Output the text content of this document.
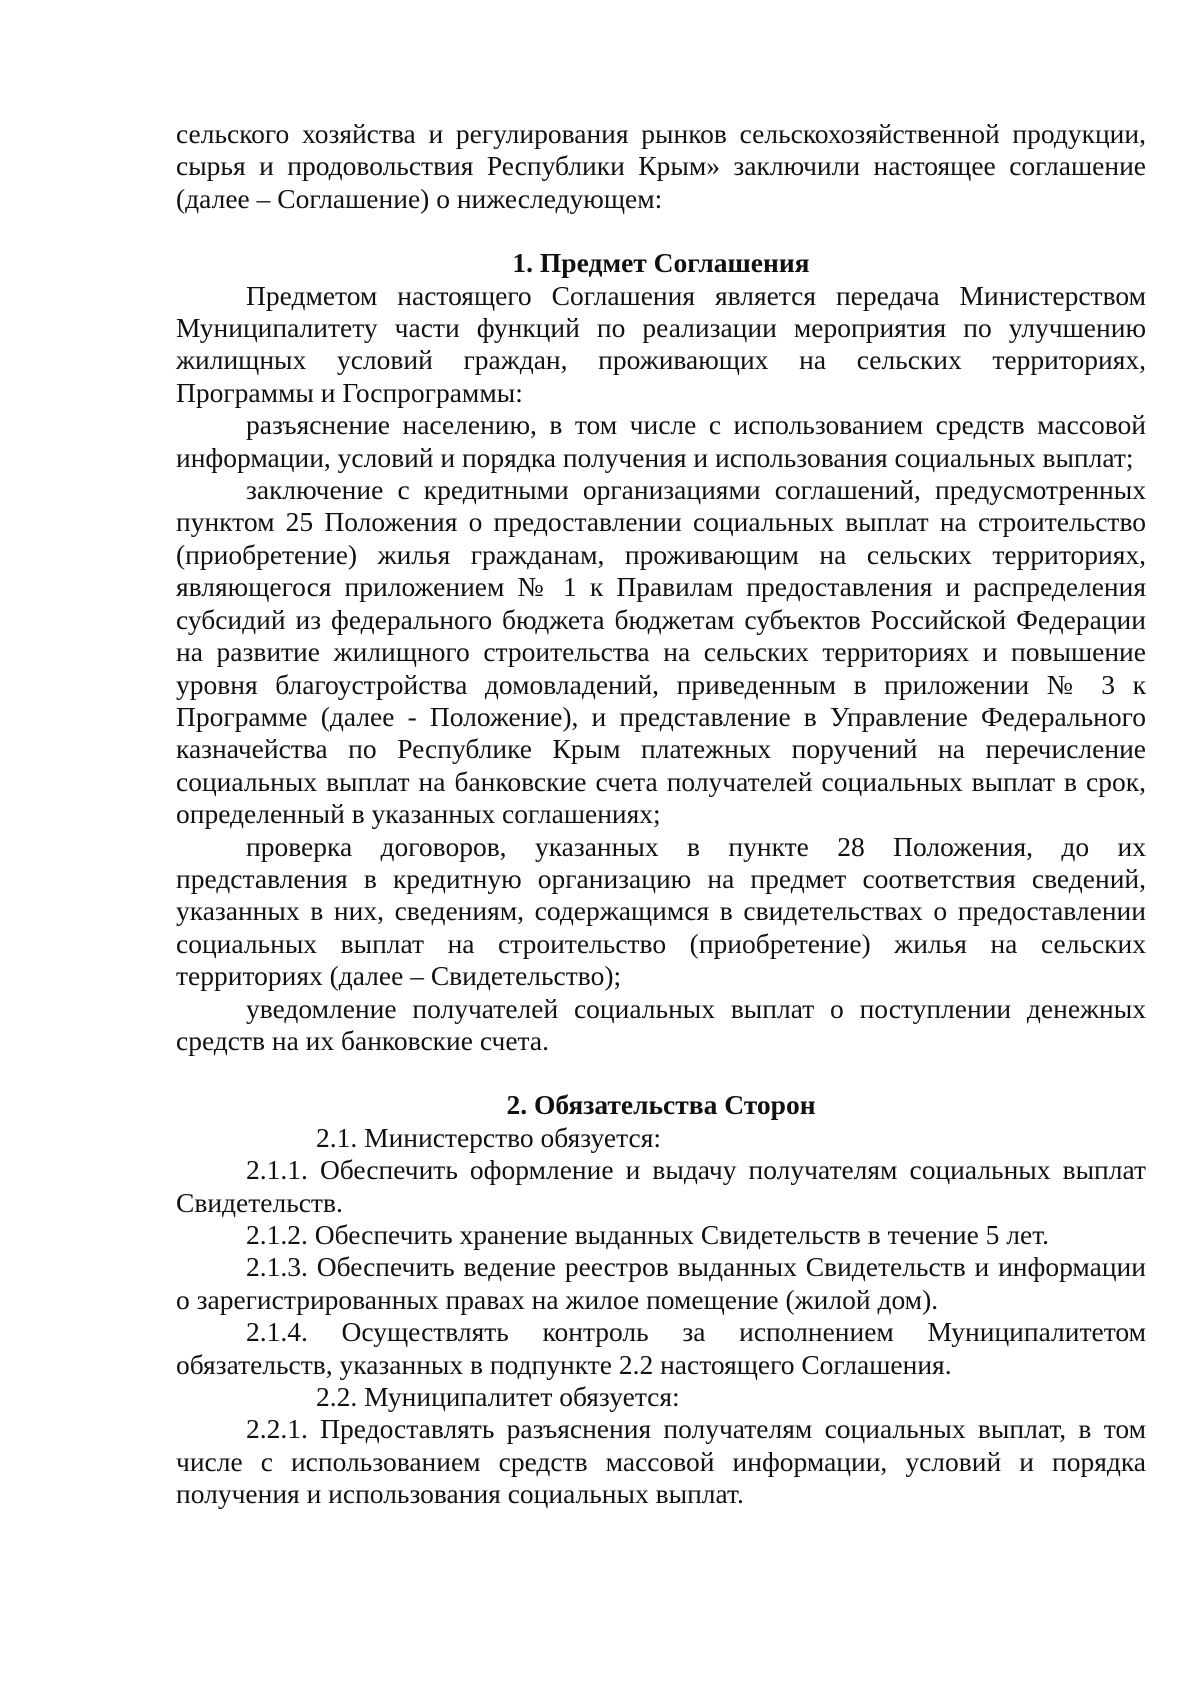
сельского хозяйства и регулирования рынков сельскохозяйственной продукции, сырья и продовольствия Республики Крым» заключили настоящее соглашение (далее – Соглашение) о нижеследующем:

1. Предмет Соглашения

Предметом настоящего Соглашения является передача Министерством Муниципалитету части функций по реализации мероприятия по улучшению жилищных условий граждан, проживающих на сельских территориях, Программы и Госпрограммы:

разъяснение населению, в том числе с использованием средств массовой информации, условий и порядка получения и использования социальных выплат;

заключение с кредитными организациями соглашений, предусмотренных пунктом 25 Положения о предоставлении социальных выплат на строительство (приобретение) жилья гражданам, проживающим на сельских территориях, являющегося приложением № 1 к Правилам предоставления и распределения субсидий из федерального бюджета бюджетам субъектов Российской Федерации на развитие жилищного строительства на сельских территориях и повышение уровня благоустройства домовладений, приведенным в приложении № 3 к Программе (далее - Положение), и представление в Управление Федерального казначейства по Республике Крым платежных поручений на перечисление социальных выплат на банковские счета получателей социальных выплат в срок, определенный в указанных соглашениях;

проверка договоров, указанных в пункте 28 Положения, до их представления в кредитную организацию на предмет соответствия сведений, указанных в них, сведениям, содержащимся в свидетельствах о предоставлении социальных выплат на строительство (приобретение) жилья на сельских территориях (далее – Свидетельство);

уведомление получателей социальных выплат о поступлении денежных средств на их банковские счета.

2. Обязательства Сторон

2.1. Министерство обязуется:

2.1.1. Обеспечить оформление и выдачу получателям социальных выплат Свидетельств.

2.1.2. Обеспечить хранение выданных Свидетельств в течение 5 лет.

2.1.3. Обеспечить ведение реестров выданных Свидетельств и информации о зарегистрированных правах на жилое помещение (жилой дом).

2.1.4. Осуществлять контроль за исполнением Муниципалитетом обязательств, указанных в подпункте 2.2 настоящего Соглашения.

2.2. Муниципалитет обязуется:

2.2.1. Предоставлять разъяснения получателям социальных выплат, в том числе с использованием средств массовой информации, условий и порядка получения и использования социальных выплат.
